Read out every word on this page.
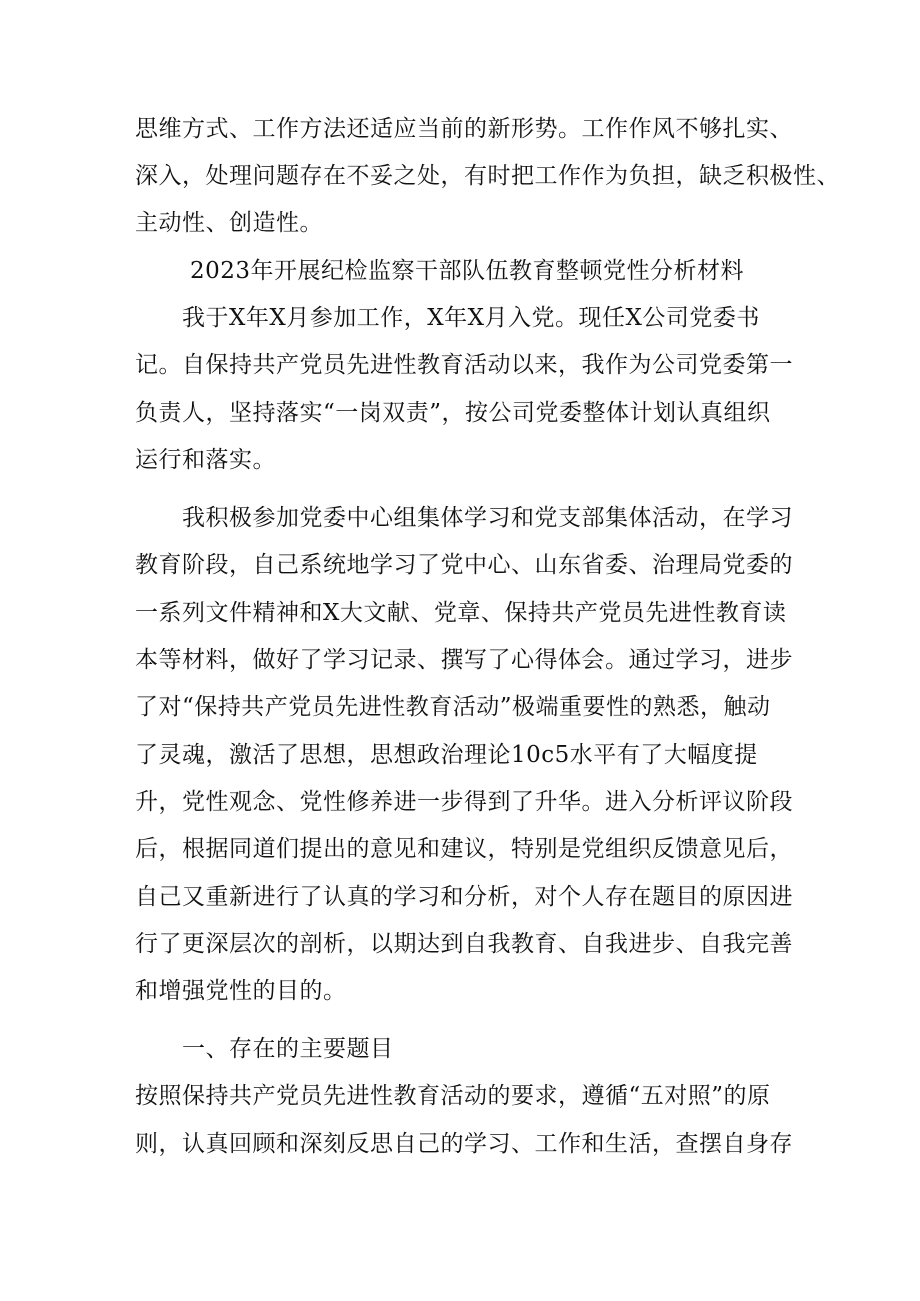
思维方式、工作方法还适应当前的新形势。工作作风不够扎实、
深入，处理问题存在不妥之处，有时把工作作为负担，缺乏积极性、
主动性、创造性。
2023年开展纪检监察干部队伍教育整顿党性分析材料
我于X年X月参加工作，X年X月入党。现任X公司党委书
记。自保持共产党员先进性教育活动以来，我作为公司党委第一
负责人，坚持落实“一岗双责”，按公司党委整体计划认真组织
运行和落实。
我积极参加党委中心组集体学习和党支部集体活动，在学习
教育阶段，自己系统地学习了党中心、山东省委、治理局党委的
一系列文件精神和X大文献、党章、保持共产党员先进性教育读
本等材料，做好了学习记录、撰写了心得体会。通过学习，进步
了对“保持共产党员先进性教育活动”极端重要性的熟悉，触动
了灵魂，激活了思想，思想政治理论10c5水平有了大幅度提
升，党性观念、党性修养进一步得到了升华。进入分析评议阶段
后，根据同道们提出的意见和建议，特别是党组织反馈意见后，
自己又重新进行了认真的学习和分析，对个人存在题目的原因进
行了更深层次的剖析，以期达到自我教育、自我进步、自我完善
和增强党性的目的。
一、存在的主要题目
按照保持共产党员先进性教育活动的要求，遵循“五对照”的原
则，认真回顾和深刻反思自己的学习、工作和生活，查摆自身存
